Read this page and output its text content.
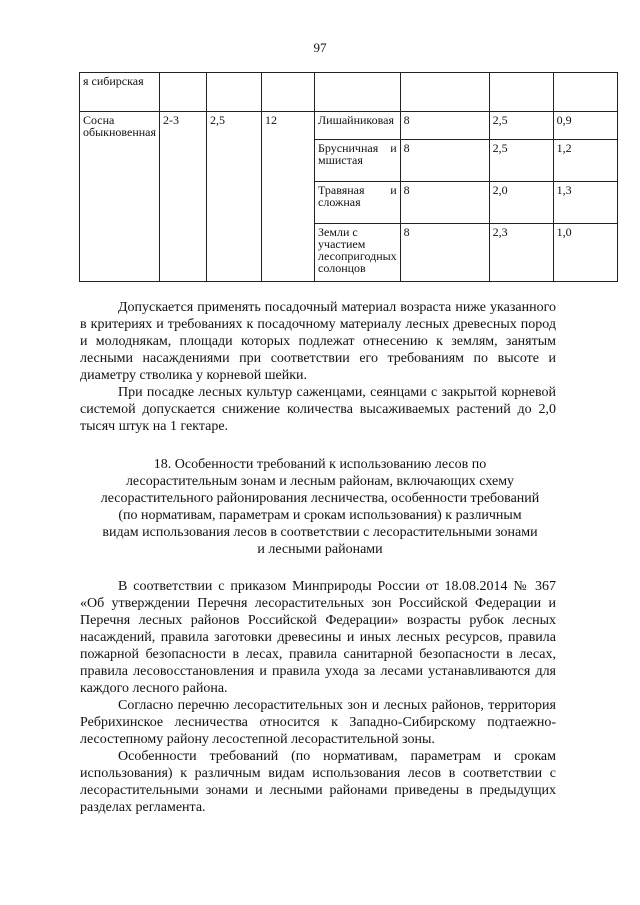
97
я сибирская							
Сосна обыкновенная	2-3	2,5	12	Лишайниковая	8	2,5	0,9
				Брусничная и мшистая	8	2,5	1,2
				Травяная и сложная	8	2,0	1,3
				Земли с участием лесопригодных солонцов	8	2,3	1,0

Допускается применять посадочный материал возраста ниже указанного в критериях и требованиях к посадочному материалу лесных древесных пород и молоднякам, площади которых подлежат отнесению к землям, занятым лесными насаждениями при соответствии его требованиям по высоте и диаметру стволика у корневой шейки.

При посадке лесных культур саженцами, сеянцами с закрытой корневой системой допускается снижение количества высаживаемых растений до 2,0 тысяч штук на 1 гектаре.

18. Особенности требований к использованию лесов по лесорастительным зонам и лесным районам, включающих схему лесорастительного районирования лесничества, особенности требований (по нормативам, параметрам и срокам использования) к различным видам использования лесов в соответствии с лесорастительными зонами и лесными районами

В соответствии с приказом Минприроды России от 18.08.2014 № 367 «Об утверждении Перечня лесорастительных зон Российской Федерации и Перечня лесных районов Российской Федерации» возрасты рубок лесных насаждений, правила заготовки древесины и иных лесных ресурсов, правила пожарной безопасности в лесах, правила санитарной безопасности в лесах, правила лесовосстановления и правила ухода за лесами устанавливаются для каждого лесного района.

Согласно перечню лесорастительных зон и лесных районов, территория Ребрихинское лесничества относится к Западно-Сибирскому подтаежно-лесостепному району лесостепной лесорастительной зоны.

Особенности требований (по нормативам, параметрам и срокам использования) к различным видам использования лесов в соответствии с лесорастительными зонами и лесными районами приведены в предыдущих разделах регламента.
